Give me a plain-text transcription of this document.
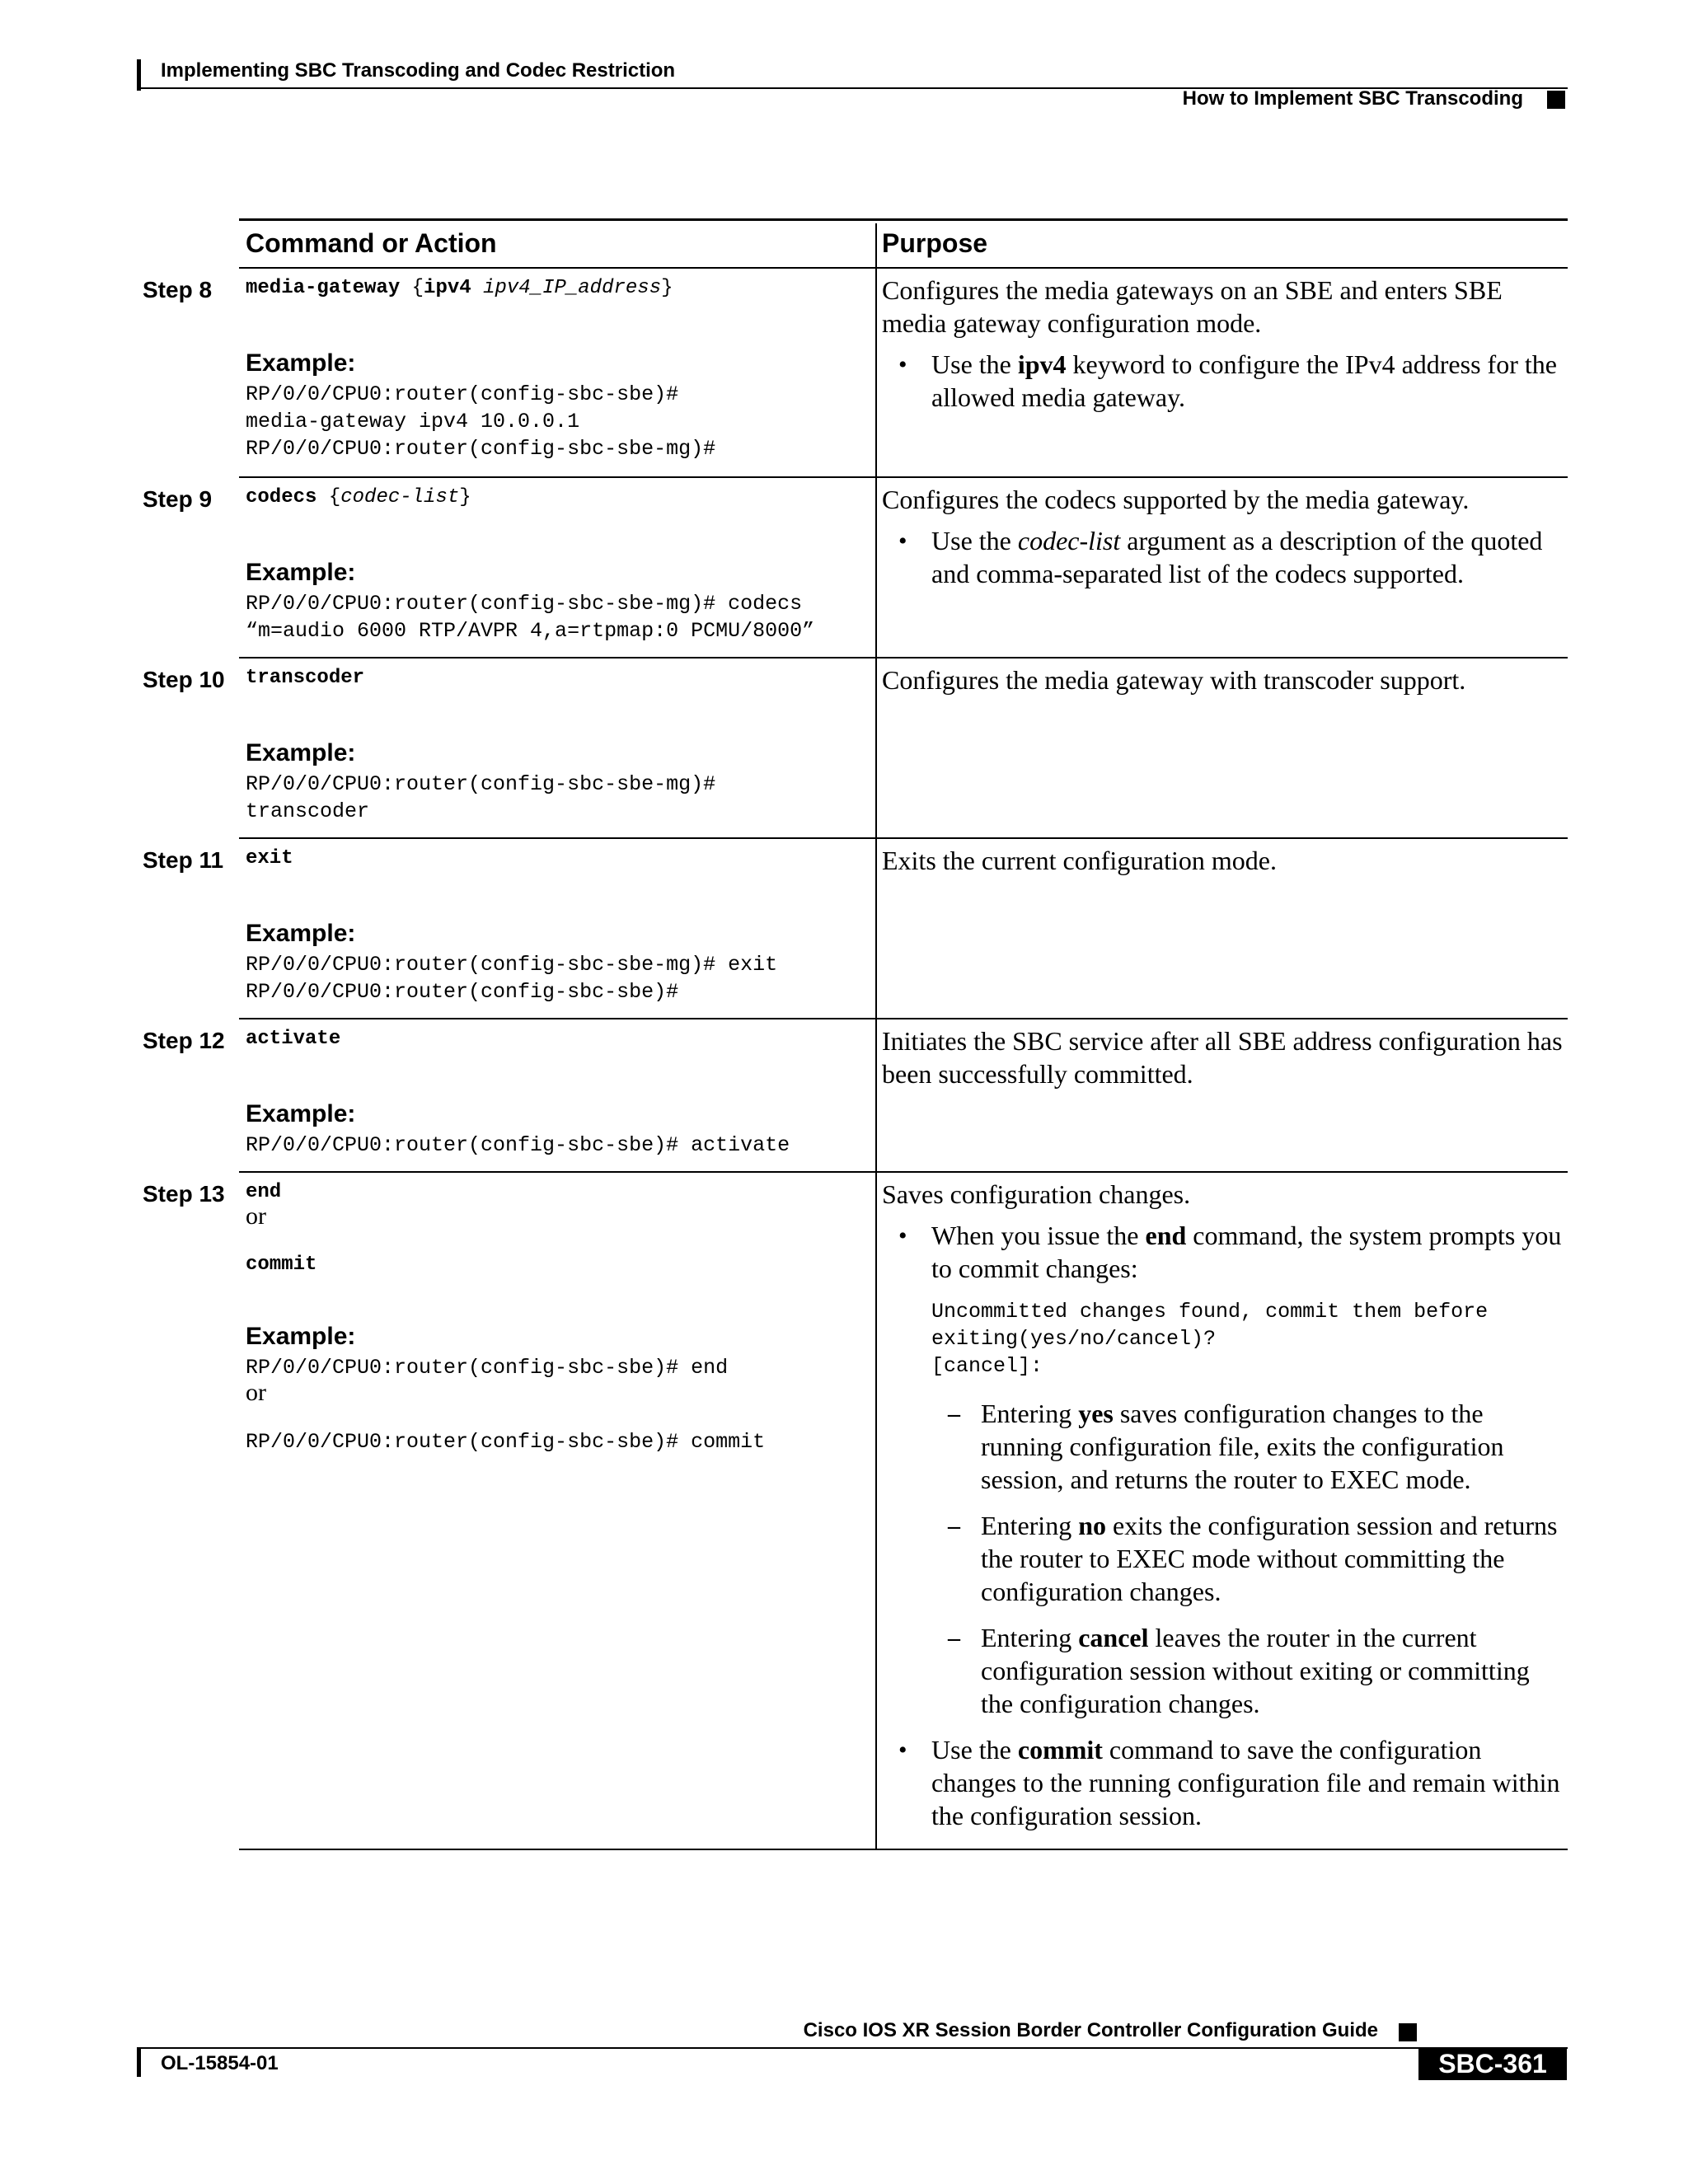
Implementing SBC Transcoding and Codec Restriction
How to Implement SBC Transcoding
Command or Action	Purpose
Step 8 media-gateway {ipv4 ipv4_IP_address}
Example:
RP/0/0/CPU0:router(config-sbc-sbe)#
media-gateway ipv4 10.0.0.1
RP/0/0/CPU0:router(config-sbc-sbe-mg)#
Configures the media gateways on an SBE and enters SBE media gateway configuration mode.
• Use the ipv4 keyword to configure the IPv4 address for the allowed media gateway.
Step 9 codecs {codec-list}
Example:
RP/0/0/CPU0:router(config-sbc-sbe-mg)# codecs
“m=audio 6000 RTP/AVPR 4,a=rtpmap:0 PCMU/8000”
Configures the codecs supported by the media gateway.
• Use the codec-list argument as a description of the quoted and comma-separated list of the codecs supported.
Step 10 transcoder
Example:
RP/0/0/CPU0:router(config-sbc-sbe-mg)#
transcoder
Configures the media gateway with transcoder support.
Step 11 exit
Example:
RP/0/0/CPU0:router(config-sbc-sbe-mg)# exit
RP/0/0/CPU0:router(config-sbc-sbe)#
Exits the current configuration mode.
Step 12 activate
Example:
RP/0/0/CPU0:router(config-sbc-sbe)# activate
Initiates the SBC service after all SBE address configuration has been successfully committed.
Step 13 end
or
commit
Example:
RP/0/0/CPU0:router(config-sbc-sbe)# end
or
RP/0/0/CPU0:router(config-sbc-sbe)# commit
Saves configuration changes.
• When you issue the end command, the system prompts you to commit changes:
Uncommitted changes found, commit them before
exiting(yes/no/cancel)?
[cancel]:
– Entering yes saves configuration changes to the running configuration file, exits the configuration session, and returns the router to EXEC mode.
– Entering no exits the configuration session and returns the router to EXEC mode without committing the configuration changes.
– Entering cancel leaves the router in the current configuration session without exiting or committing the configuration changes.
• Use the commit command to save the configuration changes to the running configuration file and remain within the configuration session.
Cisco IOS XR Session Border Controller Configuration Guide
OL-15854-01	SBC-361
